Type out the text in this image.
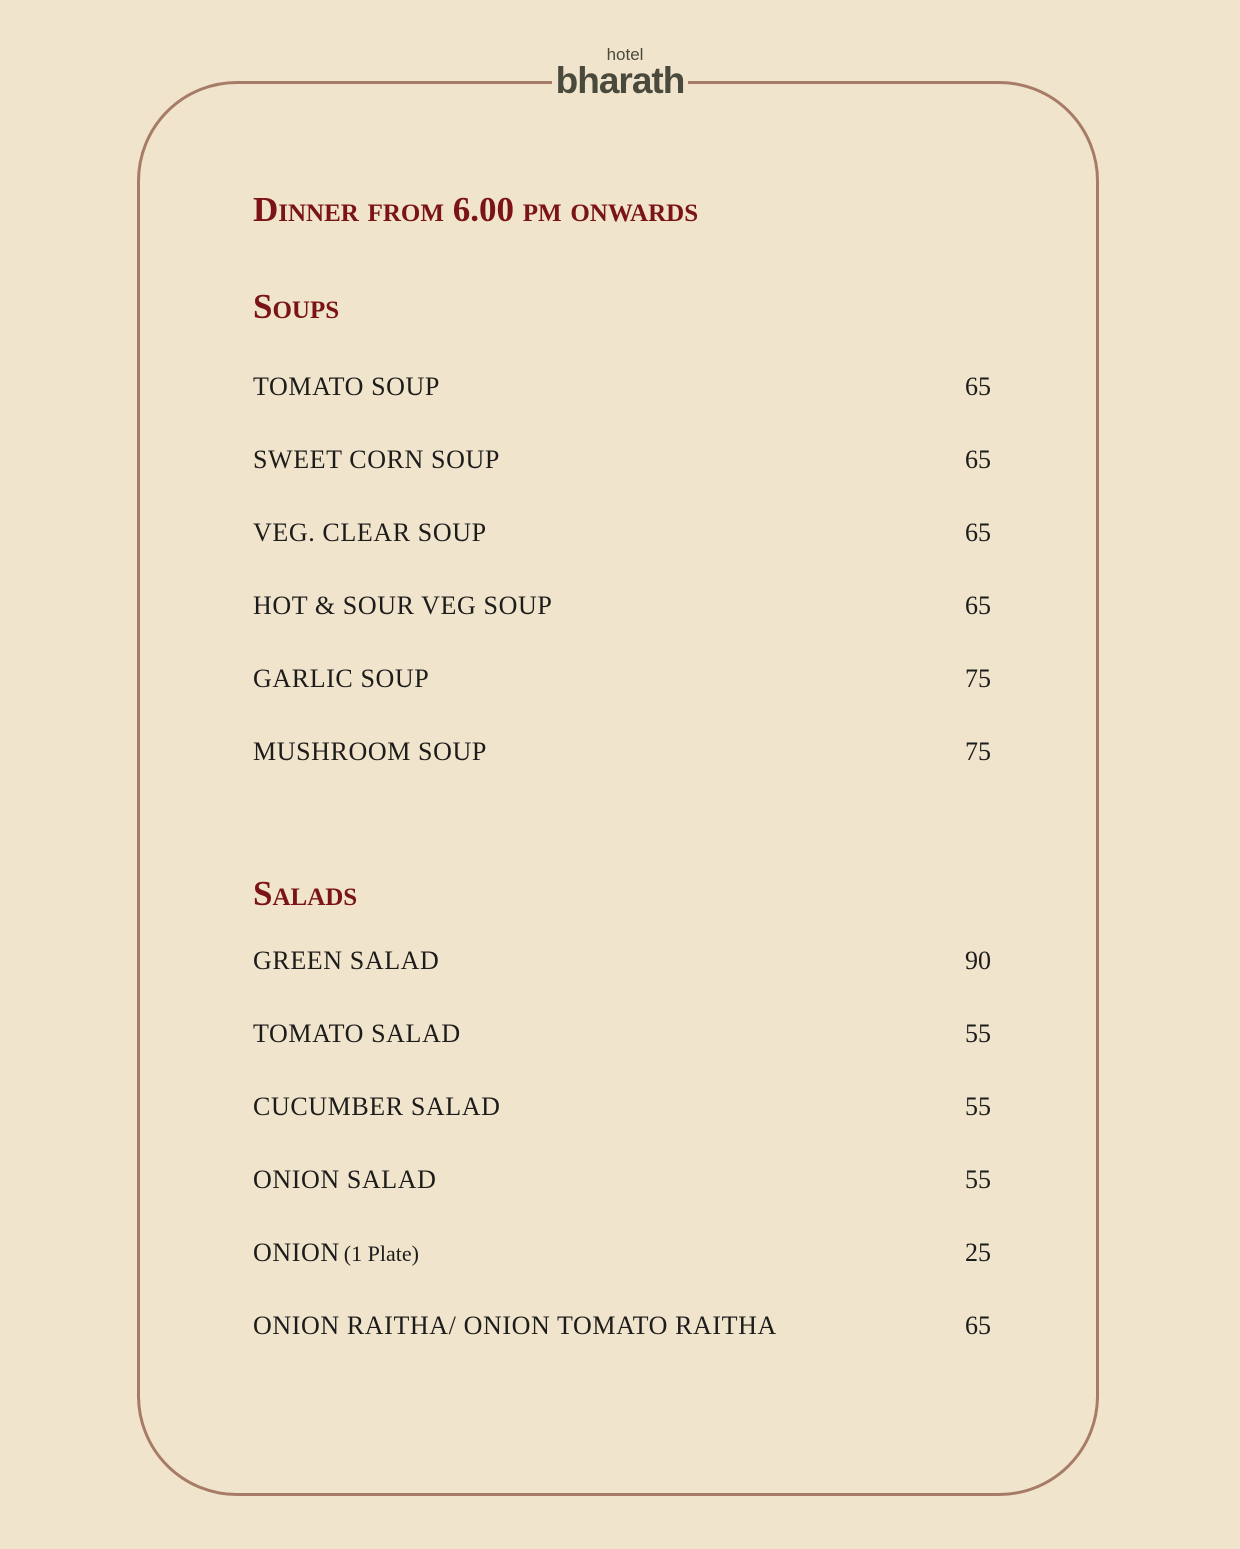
hotel
bharath
Dinner from 6.00 pm onwards
Soups
TOMATO SOUP	65
SWEET CORN SOUP	65
VEG. CLEAR SOUP	65
HOT & SOUR VEG SOUP	65
GARLIC SOUP	75
MUSHROOM SOUP	75
Salads
GREEN SALAD	90
TOMATO SALAD	55
CUCUMBER SALAD	55
ONION SALAD	55
ONION (1 Plate)	25
ONION RAITHA/ ONION TOMATO RAITHA	65
